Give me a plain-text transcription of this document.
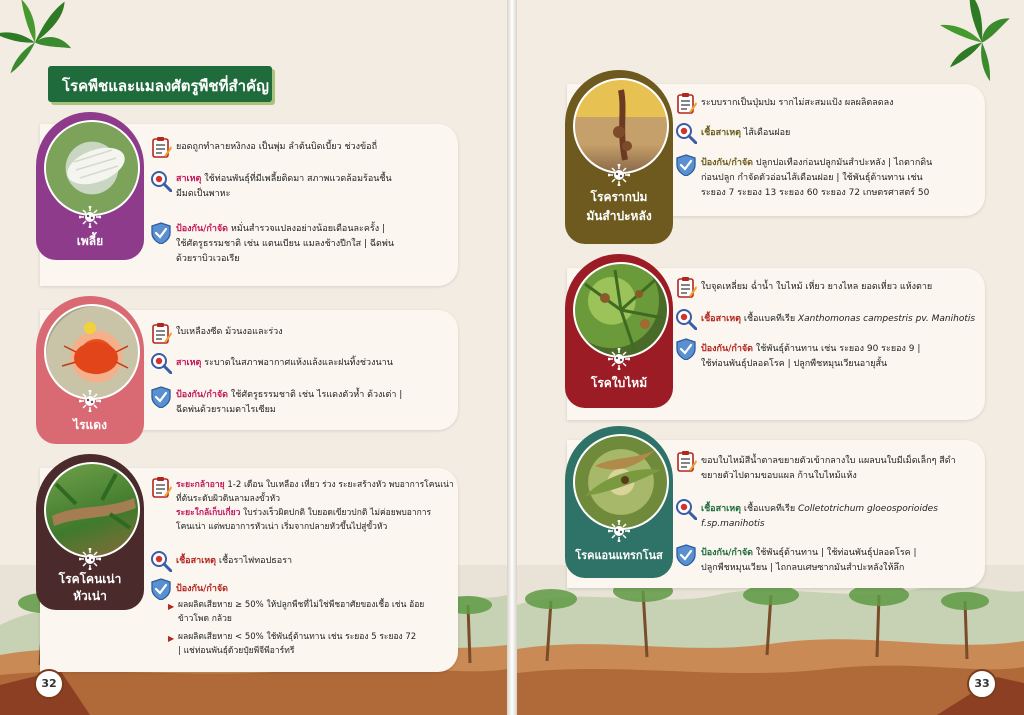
โรคพืชและแมลงศัตรูพืชที่สำคัญ
ยอดถูกทำลายหงิกงอ เป็นพุ่ม ลำต้นบิดเบี้ยว ช่วงข้อถี่
สาเหตุ ใช้ท่อนพันธุ์ที่มีเพลี้ยติดมา สภาพแวดล้อมร้อนชื้น
มีมดเป็นพาหะ
ป้องกัน/กำจัด หมั่นสำรวจแปลงอย่างน้อยเดือนละครั้ง |
ใช้ศัตรูธรรมชาติ เช่น แตนเบียน แมลงช้างปีกใส | ฉีดพ่น
ด้วยราบิวเวอเรีย
เพลี้ย
ใบเหลืองซีด ม้วนงอและร่วง
สาเหตุ ระบาดในสภาพอากาศแห้งแล้งและฝนทิ้งช่วงนาน
ป้องกัน/กำจัด ใช้ศัตรูธรรมชาติ เช่น ไรแดงตัวห้ำ ด้วงเต่า |
ฉีดพ่นด้วยราเมตาไรเซียม
ไรแดง
ระยะกล้าอายุ 1-2 เดือน ใบเหลือง เหี่ยว ร่วง ระยะสร้างหัว พบอาการโคนเน่า
ที่ต้นระดับผิวดินลามลงขั้วหัว
ระยะใกล้เก็บเกี่ยว ใบร่วงเร็วผิดปกติ ใบยอดเขียวปกติ ไม่ค่อยพบอาการ
โคนเน่า แต่พบอาการหัวเน่า เริ่มจากปลายหัวขึ้นไปสู่ขั้วหัว
เชื้อสาเหตุ เชื้อราไฟทอปธอรา
ป้องกัน/กำจัด
▶ ผลผลิตเสียหาย ≥ 50% ให้ปลูกพืชที่ไม่ใช่พืชอาศัยของเชื้อ เช่น อ้อย
ข้าวโพด กล้วย
▶ ผลผลิตเสียหาย < 50% ใช้พันธุ์ต้านทาน เช่น ระยอง 5 ระยอง 72
| แช่ท่อนพันธุ์ด้วยปุ๋ยพีจีพีอาร์ทรี
โรคโคนเน่า
หัวเน่า
32
ระบบรากเป็นปุ่มปม รากไม่สะสมแป้ง ผลผลิตลดลง
เชื้อสาเหตุ ไส้เดือนฝอย
ป้องกัน/กำจัด ปลูกปอเทืองก่อนปลูกมันสำปะหลัง | ไถตากดิน
ก่อนปลูก กำจัดตัวอ่อนไส้เดือนฝอย | ใช้พันธุ์ต้านทาน เช่น
ระยอง 7 ระยอง 13 ระยอง 60 ระยอง 72 เกษตรศาสตร์ 50
โรครากปม
มันสำปะหลัง
ใบจุดเหลี่ยม ฉ่ำน้ำ ใบไหม้ เหี่ยว ยางไหล ยอดเหี่ยว แห้งตาย
เชื้อสาเหตุ เชื้อแบคทีเรีย Xanthomonas campestris pv. Manihotis
ป้องกัน/กำจัด ใช้พันธุ์ต้านทาน เช่น ระยอง 90 ระยอง 9 |
ใช้ท่อนพันธุ์ปลอดโรค | ปลูกพืชหมุนเวียนอายุสั้น
โรคใบไหม้
ขอบใบไหม้สีน้ำตาลขยายตัวเข้ากลางใบ แผลบนใบมีเม็ดเล็กๆ สีดำ
ขยายตัวไปตามขอบแผล ก้านใบไหม้แห้ง
เชื้อสาเหตุ เชื้อแบคทีเรีย Colletotrichum gloeosporioides
f.sp.manihotis
ป้องกัน/กำจัด ใช้พันธุ์ต้านทาน | ใช้ท่อนพันธุ์ปลอดโรค |
ปลูกพืชหมุนเวียน | ไถกลบเศษซากมันสำปะหลังให้ลึก
โรคแอนแทรกโนส
33
